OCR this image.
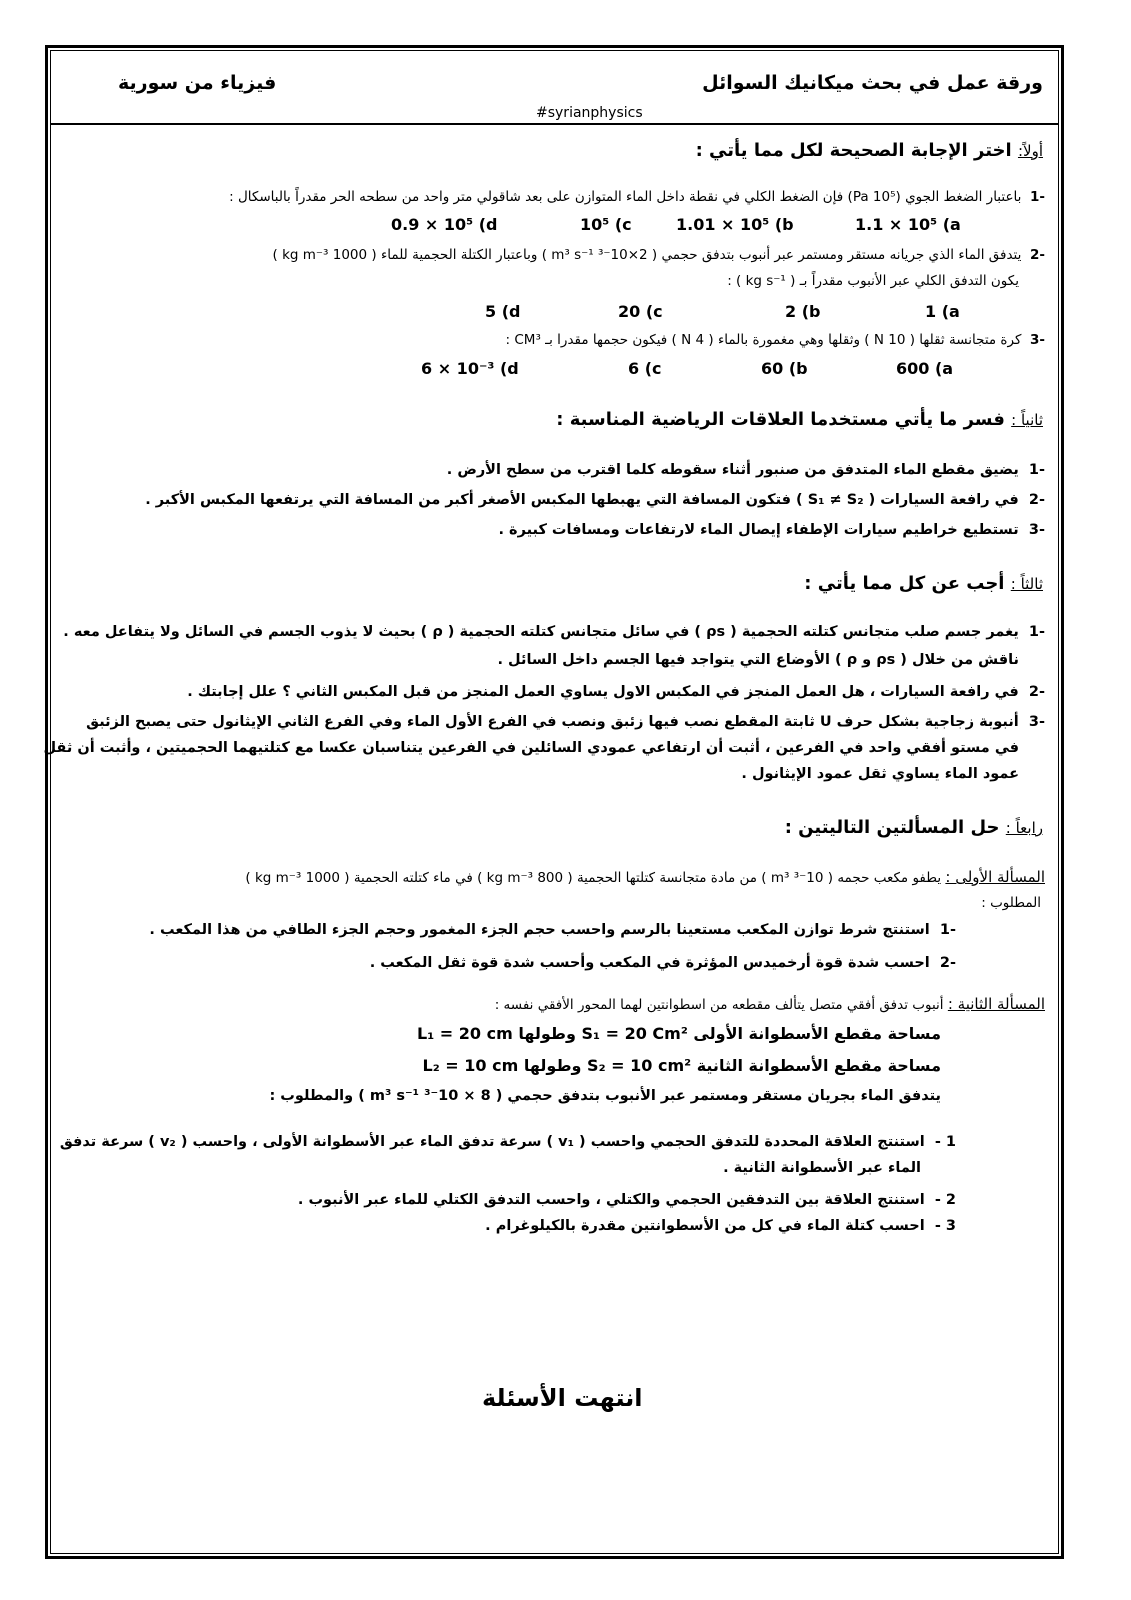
ورقة عمل في بحث ميكانيك السوائل
فيزياء من سورية
#syrianphysics
أولاً: اختر الإجابة الصحيحة لكل مما يأتي :
-1  باعتبار الضغط الجوي (10⁵ Pa) فإن الضغط الكلي في نقطة داخل الماء المتوازن على بعد شاقولي متر واحد من سطحه الحر مقدراً بالباسكال :
0.9 × 10⁵ (d	10⁵ (c	1.01 × 10⁵ (b	1.1 × 10⁵ (a
-2  يتدفق الماء الذي جريانه مستقر ومستمر عبر أنبوب بتدفق حجمي ( 2×10⁻³ m³ s⁻¹ ) وباعتبار الكتلة الحجمية للماء ( 1000 kg m⁻³ )
يكون التدفق الكلي عبر الأنبوب مقدراً بـ ( kg s⁻¹ ) :
5 (d	20 (c	2 (b	1 (a
-3  كرة متجانسة ثقلها ( 10 N ) وثقلها وهي مغمورة بالماء ( 4 N ) فيكون حجمها مقدرا بـ CM³ :
6 × 10⁻³ (d	6 (c	60 (b	600 (a
ثانياً : فسر ما يأتي مستخدما العلاقات الرياضية المناسبة :
-1  يضيق مقطع الماء المتدفق من صنبور أثناء سقوطه كلما اقترب من سطح الأرض .
-2  في رافعة السيارات ( S₁ ≠ S₂ ) فتكون المسافة التي يهبطها المكبس الأصغر أكبر من المسافة التي يرتفعها المكبس الأكبر .
-3  تستطيع خراطيم سيارات الإطفاء إيصال الماء لارتفاعات ومسافات كبيرة .
ثالثاً : أجب عن كل مما يأتي :
-1  يغمر جسم صلب متجانس كتلته الحجمية ( ρs ) في سائل متجانس كتلته الحجمية ( ρ ) بحيث لا يذوب الجسم في السائل ولا يتفاعل معه .
ناقش من خلال ( ρs و ρ ) الأوضاع التي يتواجد فيها الجسم داخل السائل .
-2  في رافعة السيارات ، هل العمل المنجز في المكبس الاول يساوي العمل المنجز من قبل المكبس الثاني ؟ علل إجابتك .
-3  أنبوبة زجاجية بشكل حرف U ثابتة المقطع نصب فيها زئبق ونصب في الفرع الأول الماء وفي الفرع الثاني الإيثانول حتى يصبح الزئبق
في مستو أفقي واحد في الفرعين ، أثبت أن ارتفاعي عمودي السائلين في الفرعين يتناسبان عكسا مع كتلتيهما الحجميتين ، وأثبت أن ثقل
عمود الماء يساوي ثقل عمود الإيثانول .
رابعاً : حل المسألتين التاليتين :
المسألة الأولى : يطفو مكعب حجمه ( 10⁻³ m³ ) من مادة متجانسة كتلتها الحجمية ( 800 kg m⁻³ ) في ماء كتلته الحجمية ( 1000 kg m⁻³ )
المطلوب :
-1  استنتج شرط توازن المكعب مستعينا بالرسم واحسب حجم الجزء المغمور وحجم الجزء الطافي من هذا المكعب .
-2  احسب شدة قوة أرخميدس المؤثرة في المكعب وأحسب شدة قوة ثقل المكعب .
المسألة الثانية : أنبوب تدفق أفقي متصل يتألف مقطعه من اسطوانتين لهما المحور الأفقي نفسه :
مساحة مقطع الأسطوانة الأولى S₁ = 20 Cm² وطولها L₁ = 20 cm
مساحة مقطع الأسطوانة الثانية S₂ = 10 cm² وطولها L₂ = 10 cm
يتدفق الماء بجريان مستقر ومستمر عبر الأنبوب بتدفق حجمي ( 8 × 10⁻³ m³ s⁻¹ ) والمطلوب :
1 -  استنتج العلاقة المحددة للتدفق الحجمي واحسب ( v₁ ) سرعة تدفق الماء عبر الأسطوانة الأولى ، واحسب ( v₂ ) سرعة تدفق
الماء عبر الأسطوانة الثانية .
2 -  استنتج العلاقة بين التدفقين الحجمي والكتلي ، واحسب التدفق الكتلي للماء عبر الأنبوب .
3 -  احسب كتلة الماء في كل من الأسطوانتين مقدرة بالكيلوغرام .
انتهت الأسئلة
